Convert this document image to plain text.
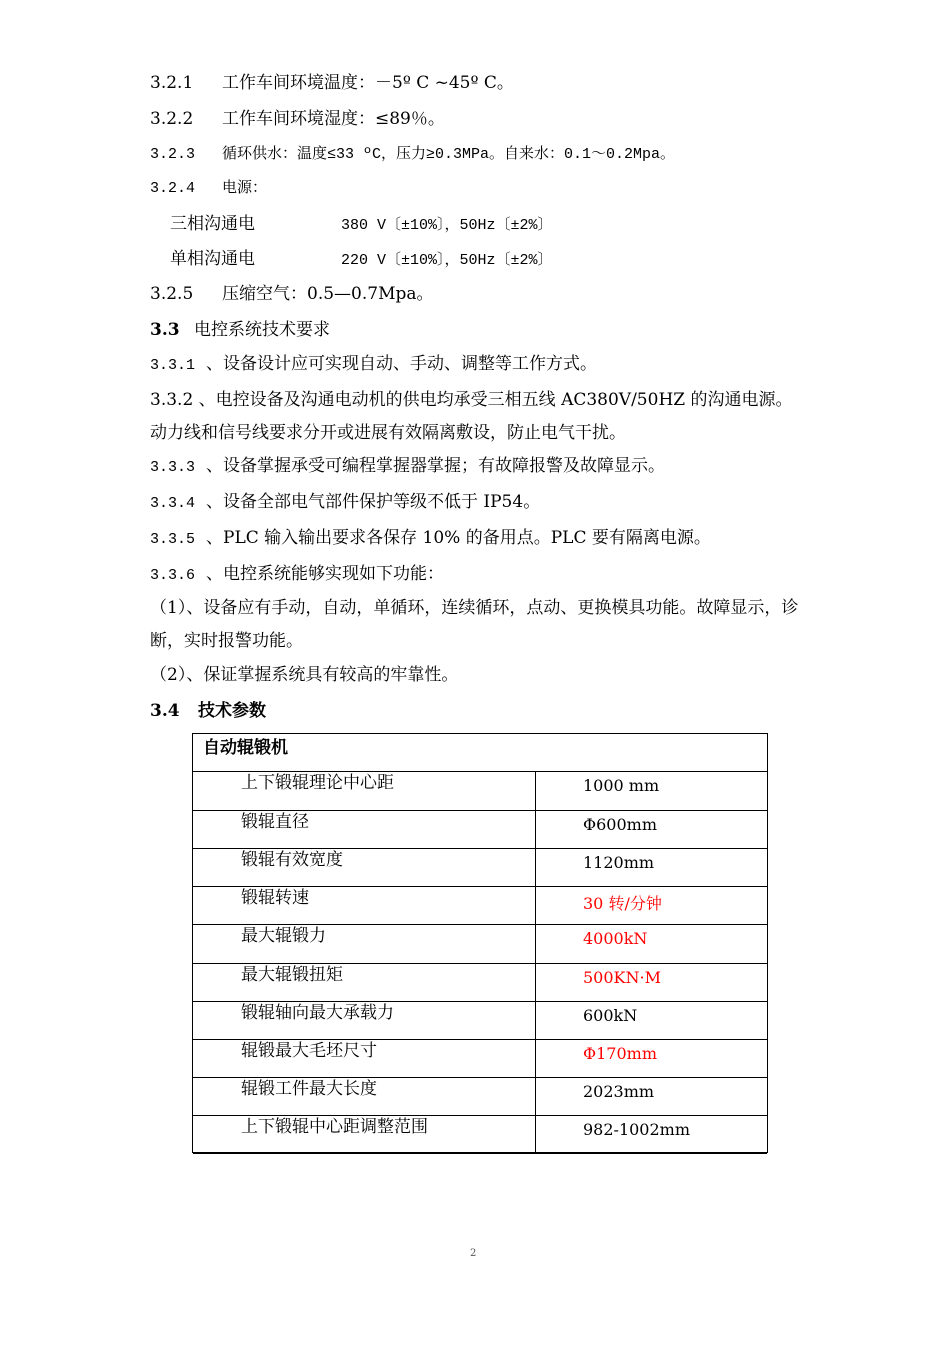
3.2.1 工作车间环境温度：－5º C ~45º C。
3.2.2 工作车间环境湿度：≤89％。
3.2.3 循环供水：温度≤33 ºC，压力≥0.3MPa。自来水：0.1～0.2Mpa。
3.2.4 电源：
三相沟通电	380 V〔±10%〕，50Hz〔±2%〕
单相沟通电	220 V〔±10%〕，50Hz〔±2%〕
3.2.5 压缩空气：0.5—0.7Mpa。
3.3 电控系统技术要求
3.3.1 、设备设计应可实现自动、手动、调整等工作方式。
3.3.2 、电控设备及沟通电动机的供电均承受三相五线 AC380V/50HZ 的沟通电源。动力线和信号线要求分开或进展有效隔离敷设，防止电气干扰。
3.3.3 、设备掌握承受可编程掌握器掌握；有故障报警及故障显示。
3.3.4 、设备全部电气部件保护等级不低于 IP54。
3.3.5 、PLC 输入输出要求各保存 10% 的备用点。PLC 要有隔离电源。
3.3.6 、电控系统能够实现如下功能：
（1）、设备应有手动，自动，单循环，连续循环，点动、更换模具功能。故障显示，诊断，实时报警功能。
（2）、保证掌握系统具有较高的牢靠性。
3.4 技术参数
自动辊锻机
上下锻辊理论中心距	1000 mm
锻辊直径	Φ600mm
锻辊有效宽度	1120mm
锻辊转速	30 转/分钟
最大辊锻力	4000kN
最大辊锻扭矩	500KN·M
锻辊轴向最大承载力	600kN
辊锻最大毛坯尺寸	Φ170mm
辊锻工件最大长度	2023mm
上下锻辊中心距调整范围	982-1002mm
2
